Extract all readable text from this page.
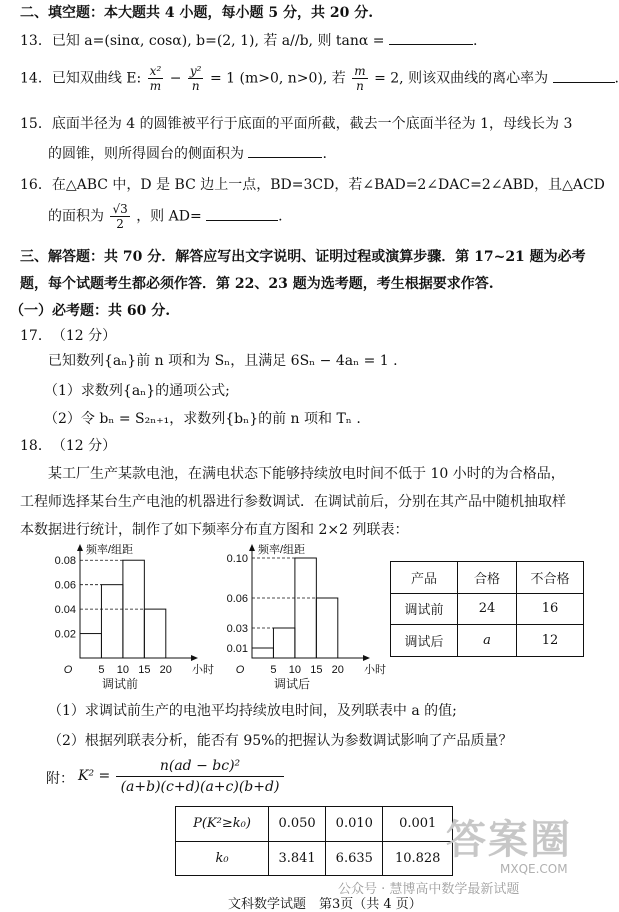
二、填空题：本大题共 4 小题，每小题 5 分，共 20 分.
13．已知 a=(sinα, cosα), b=(2, 1), 若 a//b, 则 tanα =	.
14．已知双曲线 E: $\frac{\text{x²}}{m} - \frac{\text{y²}}{n} = 1$ (m>0, n>0), 若 $\frac{m}{n} = 2$, 则该双曲线的离心率为	.
15．底面半径为 4 的圆锥被平行于底面的平面所截，截去一个底面半径为 1，母线长为 3
的圆锥，则所得圆台的侧面积为	.
16．在△ABC 中，D 是 BC 边上一点，BD=3CD，若∠BAD=2∠DAC=2∠ABD，且△ACD
的面积为 $\frac{√3}{2}$ ，则 AD=	.
三、解答题：共 70 分．解答应写出文字说明、证明过程或演算步骤．第 17~21 题为必考
题，每个试题考生都必须作答．第 22、23 题为选考题，考生根据要求作答.
（一）必考题：共 60 分.
17．　（12 分）
已知数列{aₙ}前 n 项和为 Sₙ，且满足 6Sₙ − 4aₙ = 1 .
（1）求数列{aₙ}的通项公式;
（2）令 bₙ = S₂ₙ₊₁，求数列{bₙ}的前 n 项和 Tₙ .
18．　（12 分）
某工厂生产某款电池，在满电状态下能够持续放电时间不低于 10 小时的为合格品，
工程师选择某台生产电池的机器进行参数调试．在调试前后，分别在其产品中随机抽取样
本数据进行统计，制作了如下频率分布直方图和 2×2 列联表：
频率/组距
小时
0.08
0.06
0.04
0.02
O 5 10 15 20
调试前
频率/组距
小时
0.10
0.06
0.03
0.01
O 5 10 15 20
调试后
产品	合格	不合格
调试前	24	16
调试后	a	12
（1）求调试前生产的电池平均持续放电时间，及列联表中 a 的值;
（2）根据列联表分析，能否有 95%的把握认为参数调试影响了产品质量？
附： $K^2 = \frac{\text{n(ad − bc)²}}{(a+b)(c+d)(a+c)(b+d)}$
P(K²≥k₀)	0.050	0.010	0.001
k₀	3.841	6.635	10.828 答案圈
公众号 · 慧博高中数学最新试题
MXQE.COM
文科数学试题　第3页（共 4 页）
